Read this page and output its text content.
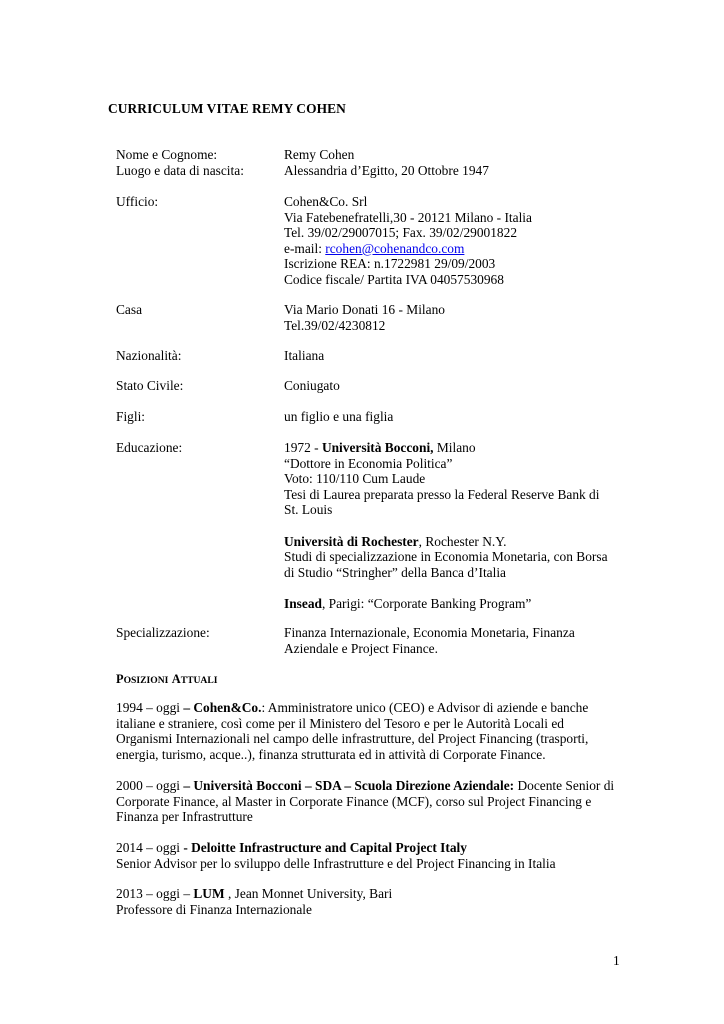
CURRICULUM VITAE REMY COHEN
Nome e Cognome:	Remy Cohen
Luogo e data di nascita:	Alessandria d’Egitto, 20 Ottobre 1947
Ufficio:	Cohen&Co. Srl
Via Fatebenefratelli,30 - 20121 Milano - Italia
Tel. 39/02/29007015; Fax. 39/02/29001822
e-mail: rcohen@cohenandco.com
Iscrizione REA: n.1722981 29/09/2003
Codice fiscale/ Partita IVA 04057530968
Casa	Via Mario Donati 16 - Milano
Tel.39/02/4230812
Nazionalità:	Italiana
Stato Civile:	Coniugato
Figli:	un figlio e una figlia
Educazione:	1972 - Università Bocconi, Milano
“Dottore in Economia Politica”
Voto: 110/110 Cum Laude
Tesi di Laurea preparata presso la Federal Reserve Bank di
St. Louis
Università di Rochester, Rochester N.Y.
Studi di specializzazione in Economia Monetaria, con Borsa
di Studio “Stringher” della Banca d’Italia
Insead, Parigi: “Corporate Banking Program”
Specializzazione:	Finanza Internazionale, Economia Monetaria, Finanza
Aziendale e Project Finance.
POSIZIONI ATTUALI
1994 – oggi – Cohen&Co.: Amministratore unico (CEO) e Advisor di aziende e banche
italiane e straniere, così come per il Ministero del Tesoro e per le Autorità Locali ed
Organismi Internazionali nel campo delle infrastrutture, del Project Financing (trasporti,
energia, turismo, acque..), finanza strutturata ed in attività di Corporate Finance.
2000 – oggi – Università Bocconi – SDA – Scuola Direzione Aziendale: Docente Senior di
Corporate Finance, al Master in Corporate Finance (MCF), corso sul Project Financing e
Finanza per Infrastrutture
2014 – oggi - Deloitte Infrastructure and Capital Project Italy
Senior Advisor per lo sviluppo delle Infrastrutture e del Project Financing in Italia
2013 – oggi – LUM , Jean Monnet University, Bari
Professore di Finanza Internazionale
1
